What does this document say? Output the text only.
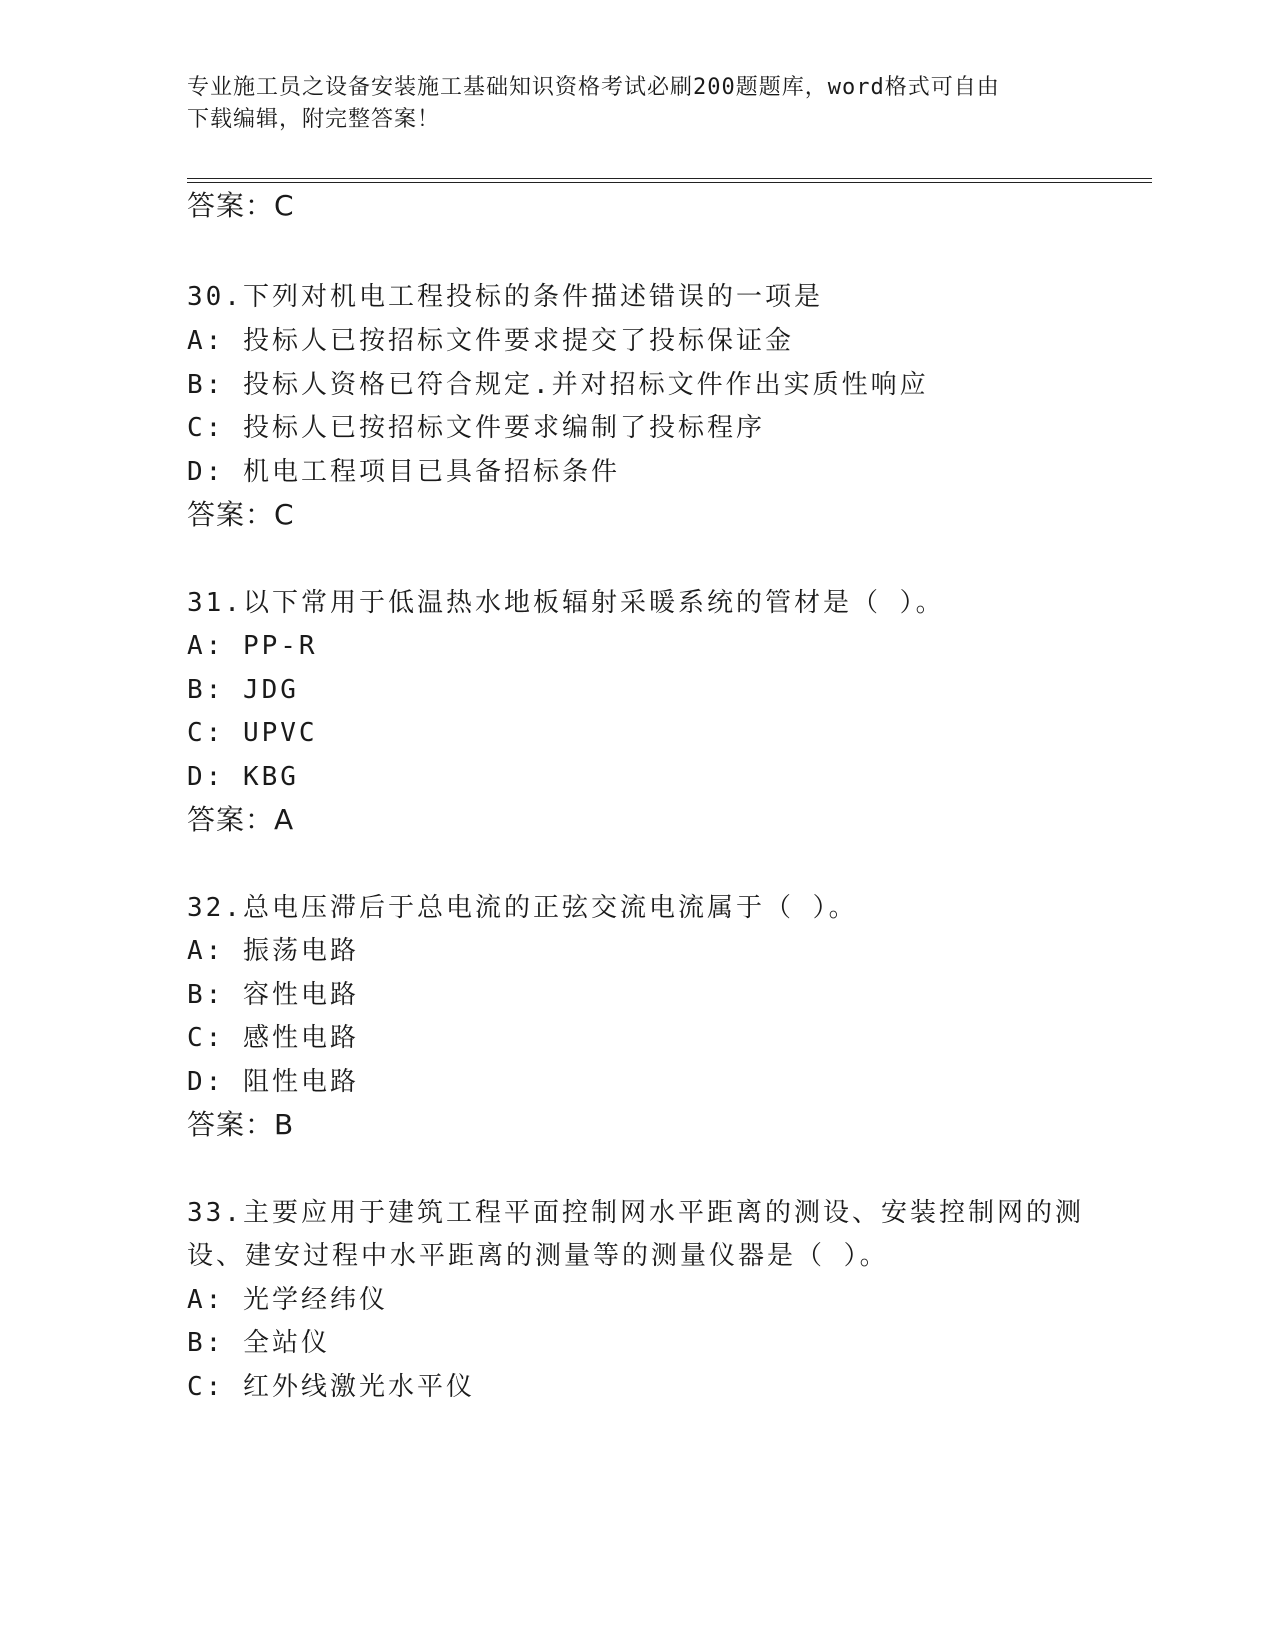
专业施工员之设备安装施工基础知识资格考试必刷200题题库，word格式可自由
下载编辑，附完整答案！
答案：C
30.下列对机电工程投标的条件描述错误的一项是
A: 投标人已按招标文件要求提交了投标保证金
B: 投标人资格已符合规定.并对招标文件作出实质性响应
C: 投标人已按招标文件要求编制了投标程序
D: 机电工程项目已具备招标条件
答案：C
31.以下常用于低温热水地板辐射采暖系统的管材是（ ）。
A: PP-R
B: JDG
C: UPVC
D: KBG
答案：A
32.总电压滞后于总电流的正弦交流电流属于（ ）。
A: 振荡电路
B: 容性电路
C: 感性电路
D: 阻性电路
答案：B
33.主要应用于建筑工程平面控制网水平距离的测设、安装控制网的测
设、建安过程中水平距离的测量等的测量仪器是（ ）。
A: 光学经纬仪
B: 全站仪
C: 红外线激光水平仪
